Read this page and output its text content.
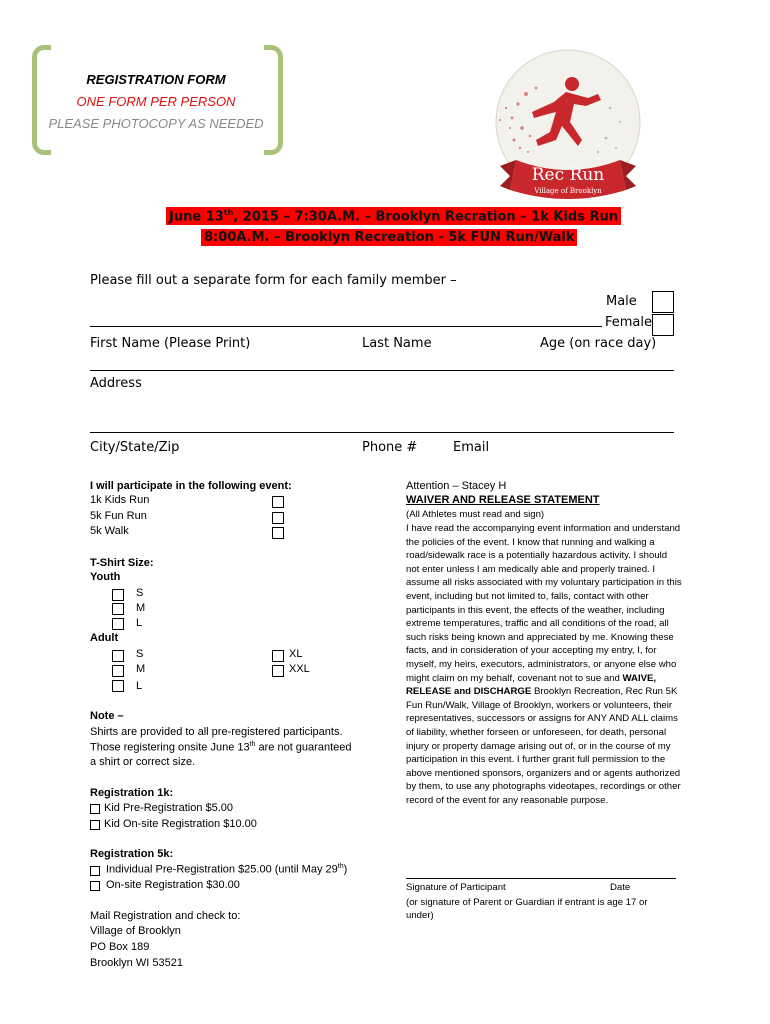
REGISTRATION FORM
ONE FORM PER PERSON
PLEASE PHOTOCOPY AS NEEDED
Rec Run
Village of Brooklyn
June 13th, 2015 – 7:30A.M. – Brooklyn Recration – 1k Kids Run
8:00A.M. – Brooklyn Recreation - 5k FUN Run/Walk
Please fill out a separate form for each family member –
Male
Female
First Name (Please Print)	Last Name	Age (on race day)
Address
City/State/Zip	Phone #	Email
I will participate in the following event:
1k Kids Run
5k Fun Run
5k Walk
T-Shirt Size:
Youth
S
M
L
Adult
S
M
L
XL
XXL
Note –
Shirts are provided to all pre-registered participants.
Those registering onsite June 13th are not guaranteed
a shirt or correct size.
Registration 1k:
Kid Pre-Registration $5.00
Kid On-site Registration $10.00
Registration 5k:
Individual Pre-Registration $25.00 (until May 29th)
On-site Registration $30.00
Mail Registration and check to:
Village of Brooklyn
PO Box 189
Brooklyn WI 53521
Attention – Stacey H
WAIVER AND RELEASE STATEMENT
(All Athletes must read and sign)
I have read the accompanying event information and understand the policies of the event. I know that running and walking a road/sidewalk race is a potentially hazardous activity. I should not enter unless I am medically able and properly trained. I assume all risks associated with my voluntary participation in this event, including but not limited to, falls, contact with other participants in this event, the effects of the weather, including extreme temperatures, traffic and all conditions of the road, all such risks being known and appreciated by me. Knowing these facts, and in consideration of your accepting my entry, I, for myself, my heirs, executors, administrators, or anyone else who might claim on my behalf, covenant not to sue and WAIVE, RELEASE and DISCHARGE Brooklyn Recreation, Rec Run 5K Fun Run/Walk, Village of Brooklyn, workers or volunteers, their representatives, successors or assigns for ANY AND ALL claims of liability, whether forseen or unforeseen, for death, personal injury or property damage arising out of, or in the course of my participation in this event. I further grant full permission to the above mentioned sponsors, organizers and or agents authorized by them, to use any photographs videotapes, recordings or other record of the event for any reasonable purpose.
Signature of Participant	Date
(or signature of Parent or Guardian if entrant is age 17 or under)
